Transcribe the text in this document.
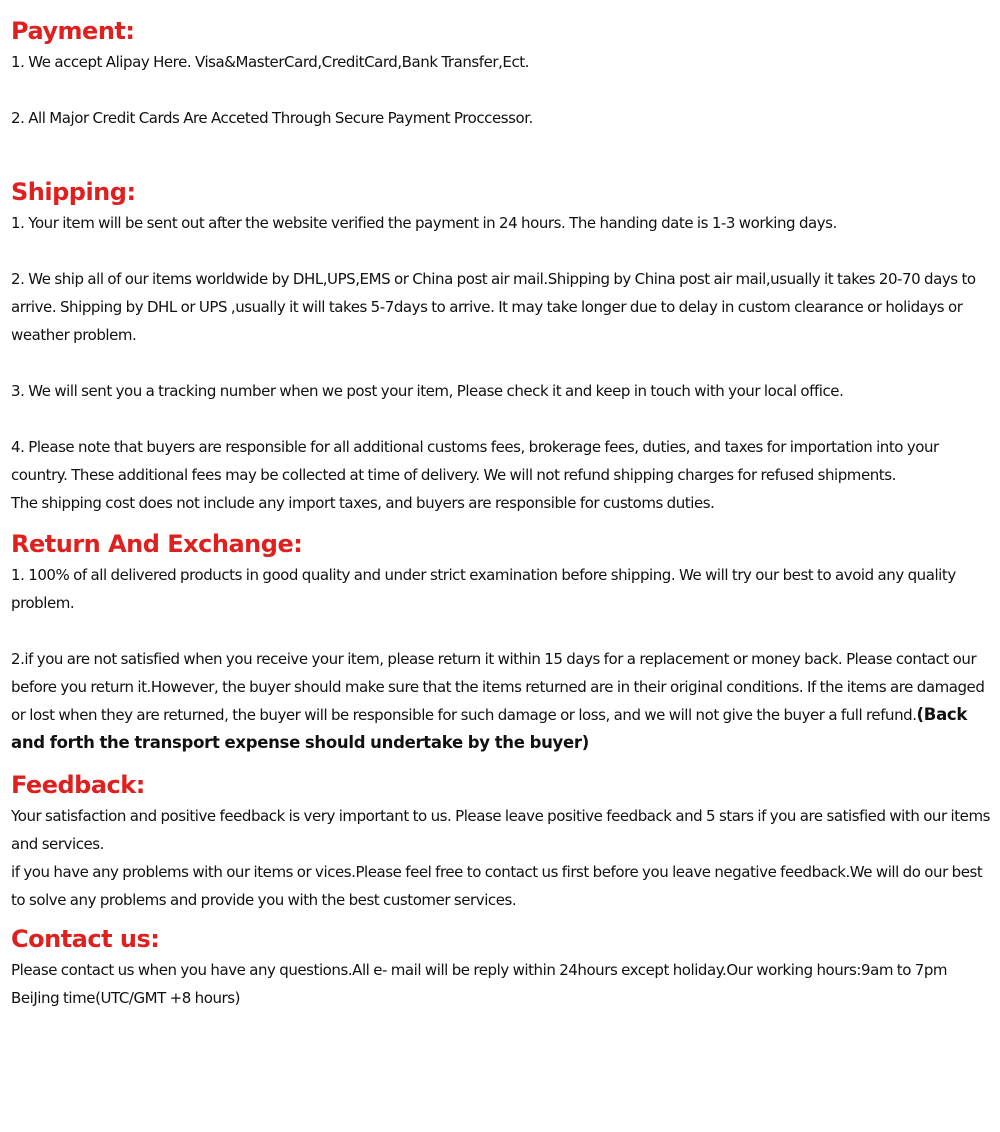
Payment:

1. We accept Alipay Here. Visa&MasterCard,CreditCard,Bank Transfer,Ect.

2. All Major Credit Cards Are Acceted Through Secure Payment Proccessor.

Shipping:

1. Your item will be sent out after the website verified the payment in 24 hours. The handing date is 1-3 working days.

2. We ship all of our items worldwide by DHL,UPS,EMS or China post air mail.Shipping by China post air mail,usually it takes 20-70 days to arrive. Shipping by DHL or UPS ,usually it will takes 5-7days to arrive. It may take longer due to delay in custom clearance or holidays or weather problem.

3. We will sent you a tracking number when we post your item, Please check it and keep in touch with your local office.

4. Please note that buyers are responsible for all additional customs fees, brokerage fees, duties, and taxes for importation into your country. These additional fees may be collected at time of delivery. We will not refund shipping charges for refused shipments.

The shipping cost does not include any import taxes, and buyers are responsible for customs duties.

Return And Exchange:

1. 100% of all delivered products in good quality and under strict examination before shipping. We will try our best to avoid any quality problem.

2.if you are not satisfied when you receive your item, please return it within 15 days for a replacement or money back. Please contact our before you return it.However, the buyer should make sure that the items returned are in their original conditions. If the items are damaged or lost when they are returned, the buyer will be responsible for such damage or loss, and we will not give the buyer a full refund.(Back and forth the transport expense should undertake by the buyer)

Feedback:

Your satisfaction and positive feedback is very important to us. Please leave positive feedback and 5 stars if you are satisfied with our items and services.

if you have any problems with our items or vices.Please feel free to contact us first before you leave negative feedback.We will do our best to solve any problems and provide you with the best customer services.

Contact us:

Please contact us when you have any questions.All e- mail will be reply within 24hours except holiday.Our working hours:9am to 7pm BeiJing time(UTC/GMT +8 hours)
